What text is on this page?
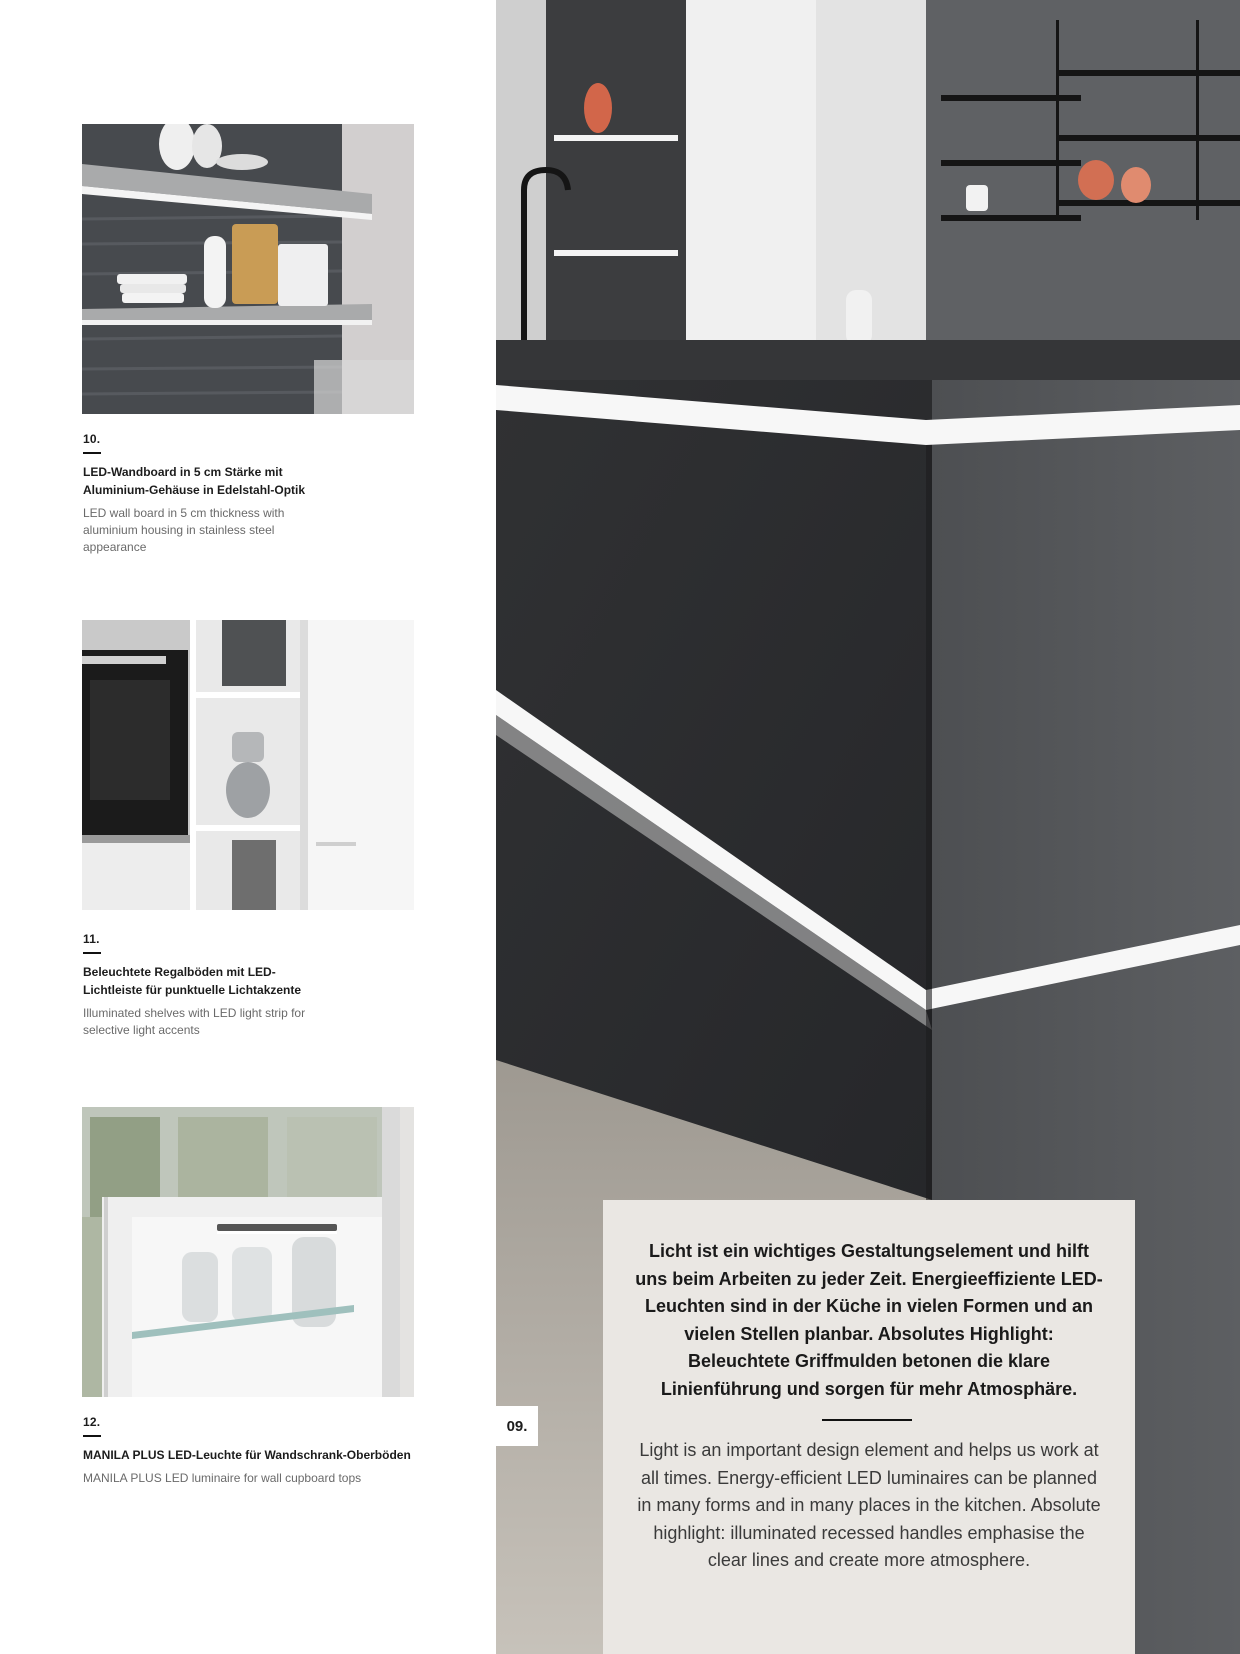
10.
LED-Wandboard in 5 cm Stärke mit Aluminium-Gehäuse in Edelstahl-Optik
LED wall board in 5 cm thickness with aluminium housing in stainless steel appearance
11.
Beleuchtete Regalböden mit LED-Lichtleiste für punktuelle Lichtakzente
Illuminated shelves with LED light strip for selective light accents
12.
MANILA PLUS LED-Leuchte für Wandschrank-Oberböden
MANILA PLUS LED luminaire for wall cupboard tops
09.
Licht ist ein wichtiges Gestaltungselement und hilft uns beim Arbeiten zu jeder Zeit. Energieeffiziente LED-Leuchten sind in der Küche in vielen Formen und an vielen Stellen planbar. Absolutes Highlight: Beleuchtete Griffmulden betonen die klare Linienführung und sorgen für mehr Atmosphäre.
Light is an important design element and helps us work at all times. Energy-efficient LED luminaires can be planned in many forms and in many places in the kitchen. Absolute highlight: illuminated recessed handles emphasise the clear lines and create more atmosphere.
